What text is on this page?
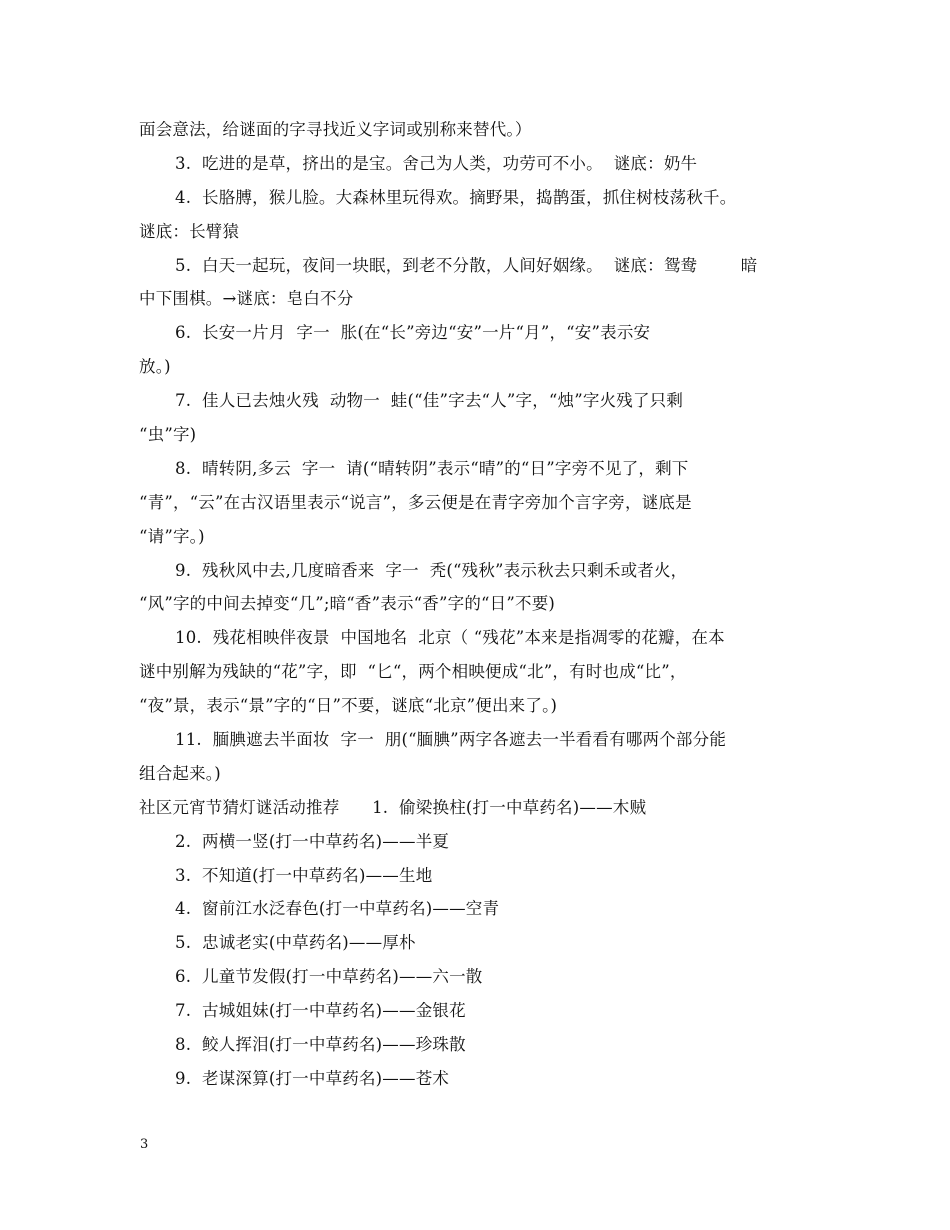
面会意法，给谜面的字寻找近义字词或别称来替代。）
3.  吃进的是草，挤出的是宝。舍己为人类，功劳可不小。  谜底：奶牛
4.  长胳膊，猴儿脸。大森林里玩得欢。摘野果，捣鹊蛋，抓住树枝荡秋千。
谜底：长臂猿
5.  白天一起玩，夜间一块眠，到老不分散，人间好姻缘。  谜底：鸳鸯        暗
中下围棋。→谜底：皂白不分
6.  长安一片月  字一  胀(在“长”旁边“安”一片“月”，“安”表示安
放。)
7.  佳人已去烛火残  动物一  蛙(“佳”字去“人”字，“烛”字火残了只剩
“虫”字)
8.  晴转阴,多云  字一  请(“晴转阴”表示“晴”的“日”字旁不见了，剩下
“青”，“云”在古汉语里表示“说言”，多云便是在青字旁加个言字旁，谜底是
“请”字。)
9.  残秋风中去,几度暗香来  字一  秃(“残秋”表示秋去只剩禾或者火，
“风”字的中间去掉变“几”;暗“香”表示“香”字的“日”不要)
10.  残花相映伴夜景  中国地名  北京（ “残花”本来是指凋零的花瓣，在本
谜中别解为残缺的“花”字，即  “匕“，两个相映便成“北”，有时也成“比”，
“夜”景，表示“景”字的“日”不要，谜底“北京”便出来了。)
11.  腼腆遮去半面妆  字一  朋(“腼腆”两字各遮去一半看看有哪两个部分能
组合起来。)
社区元宵节猜灯谜活动推荐      1.  偷梁换柱(打一中草药名)——木贼
2.  两横一竖(打一中草药名)——半夏
3.  不知道(打一中草药名)——生地
4.  窗前江水泛春色(打一中草药名)——空青
5.  忠诚老实(中草药名)——厚朴
6.  儿童节发假(打一中草药名)——六一散
7.  古城姐妹(打一中草药名)——金银花
8.  鲛人挥泪(打一中草药名)——珍珠散
9.  老谋深算(打一中草药名)——苍术
3
